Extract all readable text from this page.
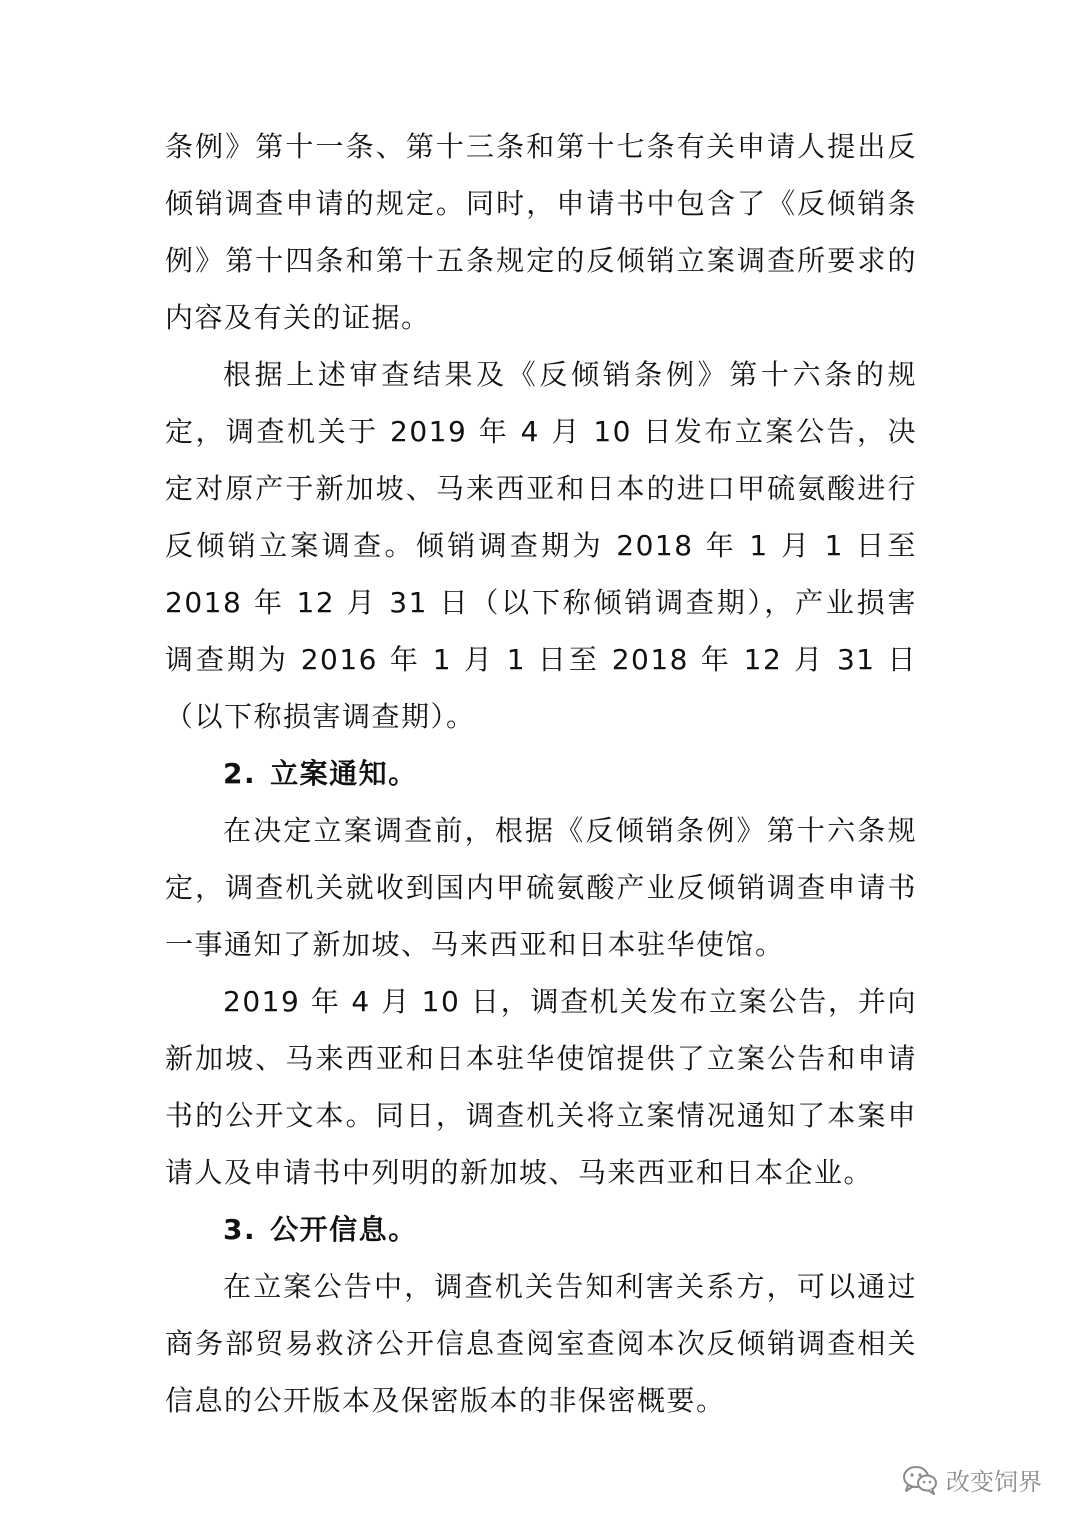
条例》第十一条、第十三条和第十七条有关申请人提出反倾销调查申请的规定。同时，申请书中包含了《反倾销条例》第十四条和第十五条规定的反倾销立案调查所要求的内容及有关的证据。

根据上述审查结果及《反倾销条例》第十六条的规定，调查机关于 2019 年 4 月 10 日发布立案公告，决定对原产于新加坡、马来西亚和日本的进口甲硫氨酸进行反倾销立案调查。倾销调查期为 2018 年 1 月 1 日至 2018 年 12 月 31 日（以下称倾销调查期），产业损害调查期为 2016 年 1 月 1 日至 2018 年 12 月 31 日（以下称损害调查期）。

2. 立案通知。

在决定立案调查前，根据《反倾销条例》第十六条规定，调查机关就收到国内甲硫氨酸产业反倾销调查申请书一事通知了新加坡、马来西亚和日本驻华使馆。

2019 年 4 月 10 日，调查机关发布立案公告，并向新加坡、马来西亚和日本驻华使馆提供了立案公告和申请书的公开文本。同日，调查机关将立案情况通知了本案申请人及申请书中列明的新加坡、马来西亚和日本企业。

3. 公开信息。

在立案公告中，调查机关告知利害关系方，可以通过商务部贸易救济公开信息查阅室查阅本次反倾销调查相关信息的公开版本及保密版本的非保密概要。

改变饲界
